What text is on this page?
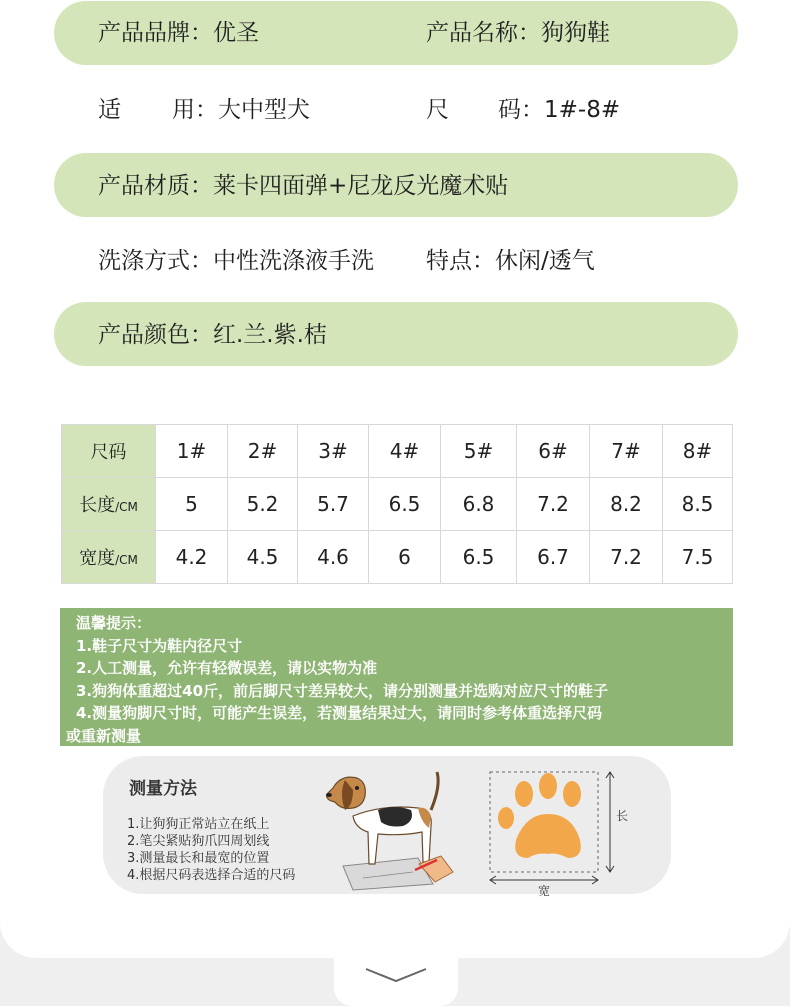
产品品牌：优圣	产品名称：狗狗鞋
适 用：大中型犬	尺 码：1#-8#
产品材质：莱卡四面弹+尼龙反光魔术贴
洗涤方式：中性洗涤液手洗 特点：休闲/透气
产品颜色：红.兰.紫.桔
尺码	1#	2#	3#	4#	5#	6#	7#	8#
长度/CM	5	5.2	5.7	6.5	6.8	7.2	8.2	8.5
宽度/CM	4.2	4.5	4.6	6	6.5	6.7	7.2	7.5
温馨提示：
1.鞋子尺寸为鞋内径尺寸
2.人工测量，允许有轻微误差，请以实物为准
3.狗狗体重超过40斤，前后脚尺寸差异较大，请分别测量并选购对应尺寸的鞋子
4.测量狗脚尺寸时，可能产生误差，若测量结果过大，请同时参考体重选择尺码
或重新测量
测量方法
1.让狗狗正常站立在纸上
2.笔尖紧贴狗爪四周划线
3.测量最长和最宽的位置
4.根据尺码表选择合适的尺码
长
宽
